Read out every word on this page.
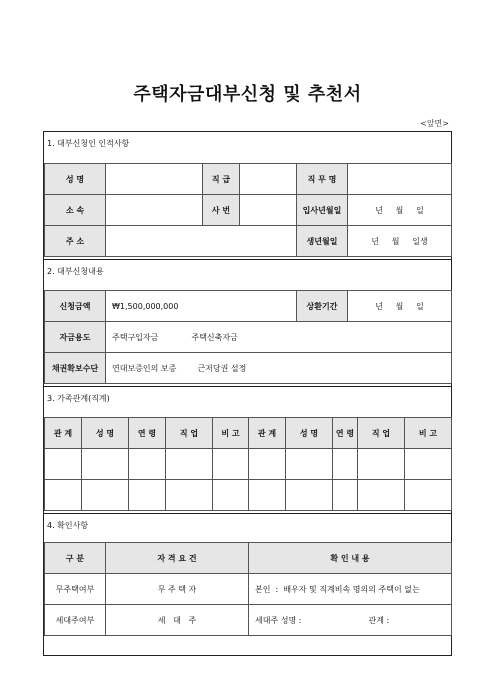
주택자금대부신청 및 추천서
<앞면>
1. 대부신청인 인적사항
성 명		직 급		직 무 명	
소 속		사 번		입사년월일	년     월     일
주 소				생년월일	년     월     일생
2. 대부신청내용
신청금액	₩1,500,000,000	상환기간	년     월     일
자금용도	주택구입자금 주택신축자금		
채권확보수단	연대보증인의 보증 근저당권 설정		
3. 가족관계(직계)
관 계	성 명	연 령	직 업	비 고	관 계	성 명	연 령	직 업	비 고

4. 확인사항
구 분	자 격 요 건	확 인 내 용
무주택여부	무 주 택 자	본인  :  배우자 및 직계비속 명의의 주택이 없는
세대주여부	세   대   주	세대주 성명 : 관계 :
